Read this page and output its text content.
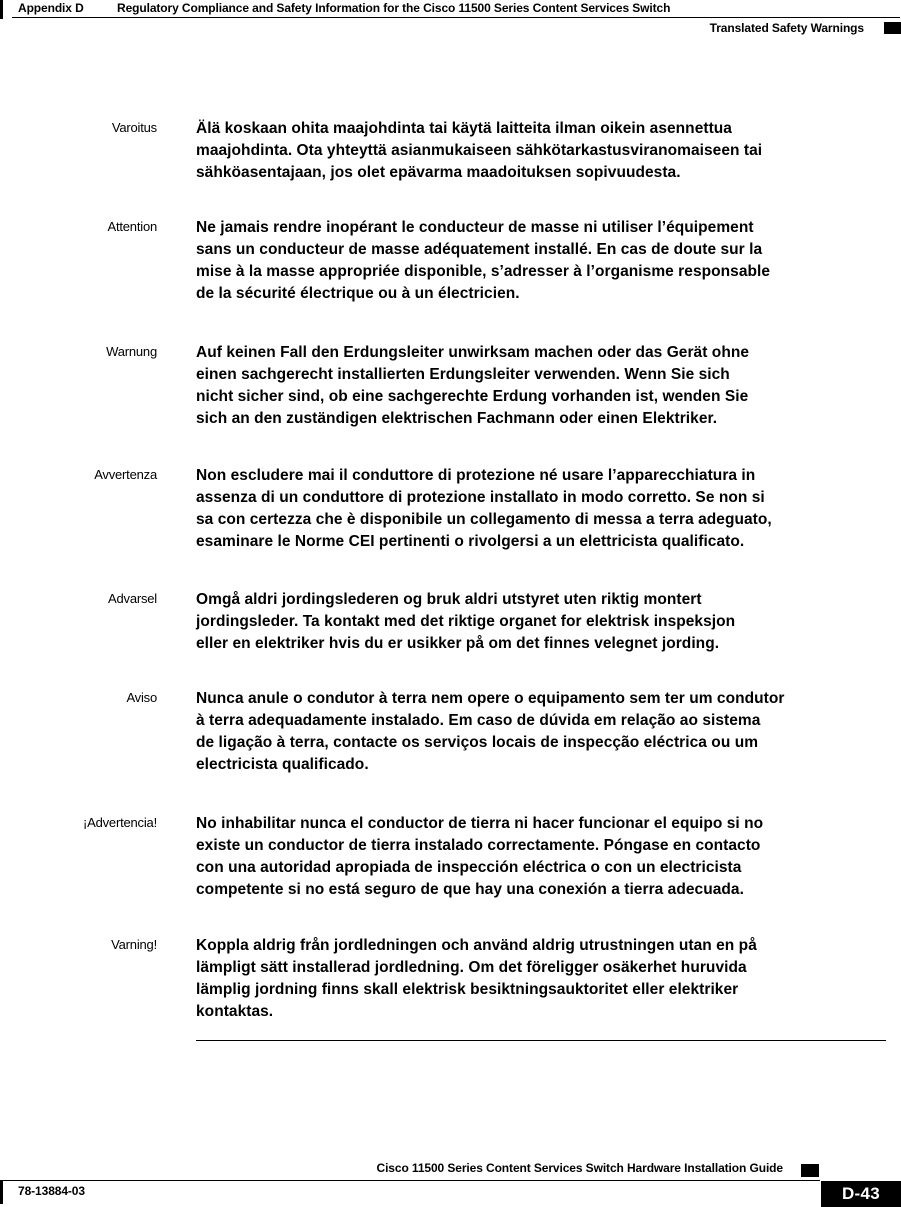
Appendix D	Regulatory Compliance and Safety Information for the Cisco 11500 Series Content Services Switch
Translated Safety Warnings
Varoitus	Älä koskaan ohita maajohdinta tai käytä laitteita ilman oikein asennettua
maajohdinta. Ota yhteyttä asianmukaiseen sähkötarkastusviranomaiseen tai
sähköasentajaan, jos olet epävarma maadoituksen sopivuudesta.
Attention	Ne jamais rendre inopérant le conducteur de masse ni utiliser l’équipement
sans un conducteur de masse adéquatement installé. En cas de doute sur la
mise à la masse appropriée disponible, s’adresser à l’organisme responsable
de la sécurité électrique ou à un électricien.
Warnung	Auf keinen Fall den Erdungsleiter unwirksam machen oder das Gerät ohne
einen sachgerecht installierten Erdungsleiter verwenden. Wenn Sie sich
nicht sicher sind, ob eine sachgerechte Erdung vorhanden ist, wenden Sie
sich an den zuständigen elektrischen Fachmann oder einen Elektriker.
Avvertenza	Non escludere mai il conduttore di protezione né usare l’apparecchiatura in
assenza di un conduttore di protezione installato in modo corretto. Se non si
sa con certezza che è disponibile un collegamento di messa a terra adeguato,
esaminare le Norme CEI pertinenti o rivolgersi a un elettricista qualificato.
Advarsel	Omgå aldri jordingslederen og bruk aldri utstyret uten riktig montert
jordingsleder. Ta kontakt med det riktige organet for elektrisk inspeksjon
eller en elektriker hvis du er usikker på om det finnes velegnet jording.
Aviso	Nunca anule o condutor à terra nem opere o equipamento sem ter um condutor
à terra adequadamente instalado. Em caso de dúvida em relação ao sistema
de ligação à terra, contacte os serviços locais de inspecção eléctrica ou um
electricista qualificado.
¡Advertencia!	No inhabilitar nunca el conductor de tierra ni hacer funcionar el equipo si no
existe un conductor de tierra instalado correctamente. Póngase en contacto
con una autoridad apropiada de inspección eléctrica o con un electricista
competente si no está seguro de que hay una conexión a tierra adecuada.
Varning!	Koppla aldrig från jordledningen och använd aldrig utrustningen utan en på
lämpligt sätt installerad jordledning. Om det föreligger osäkerhet huruvida
lämplig jordning finns skall elektrisk besiktningsauktoritet eller elektriker
kontaktas.
Cisco 11500 Series Content Services Switch Hardware Installation Guide
78-13884-03	D-43
